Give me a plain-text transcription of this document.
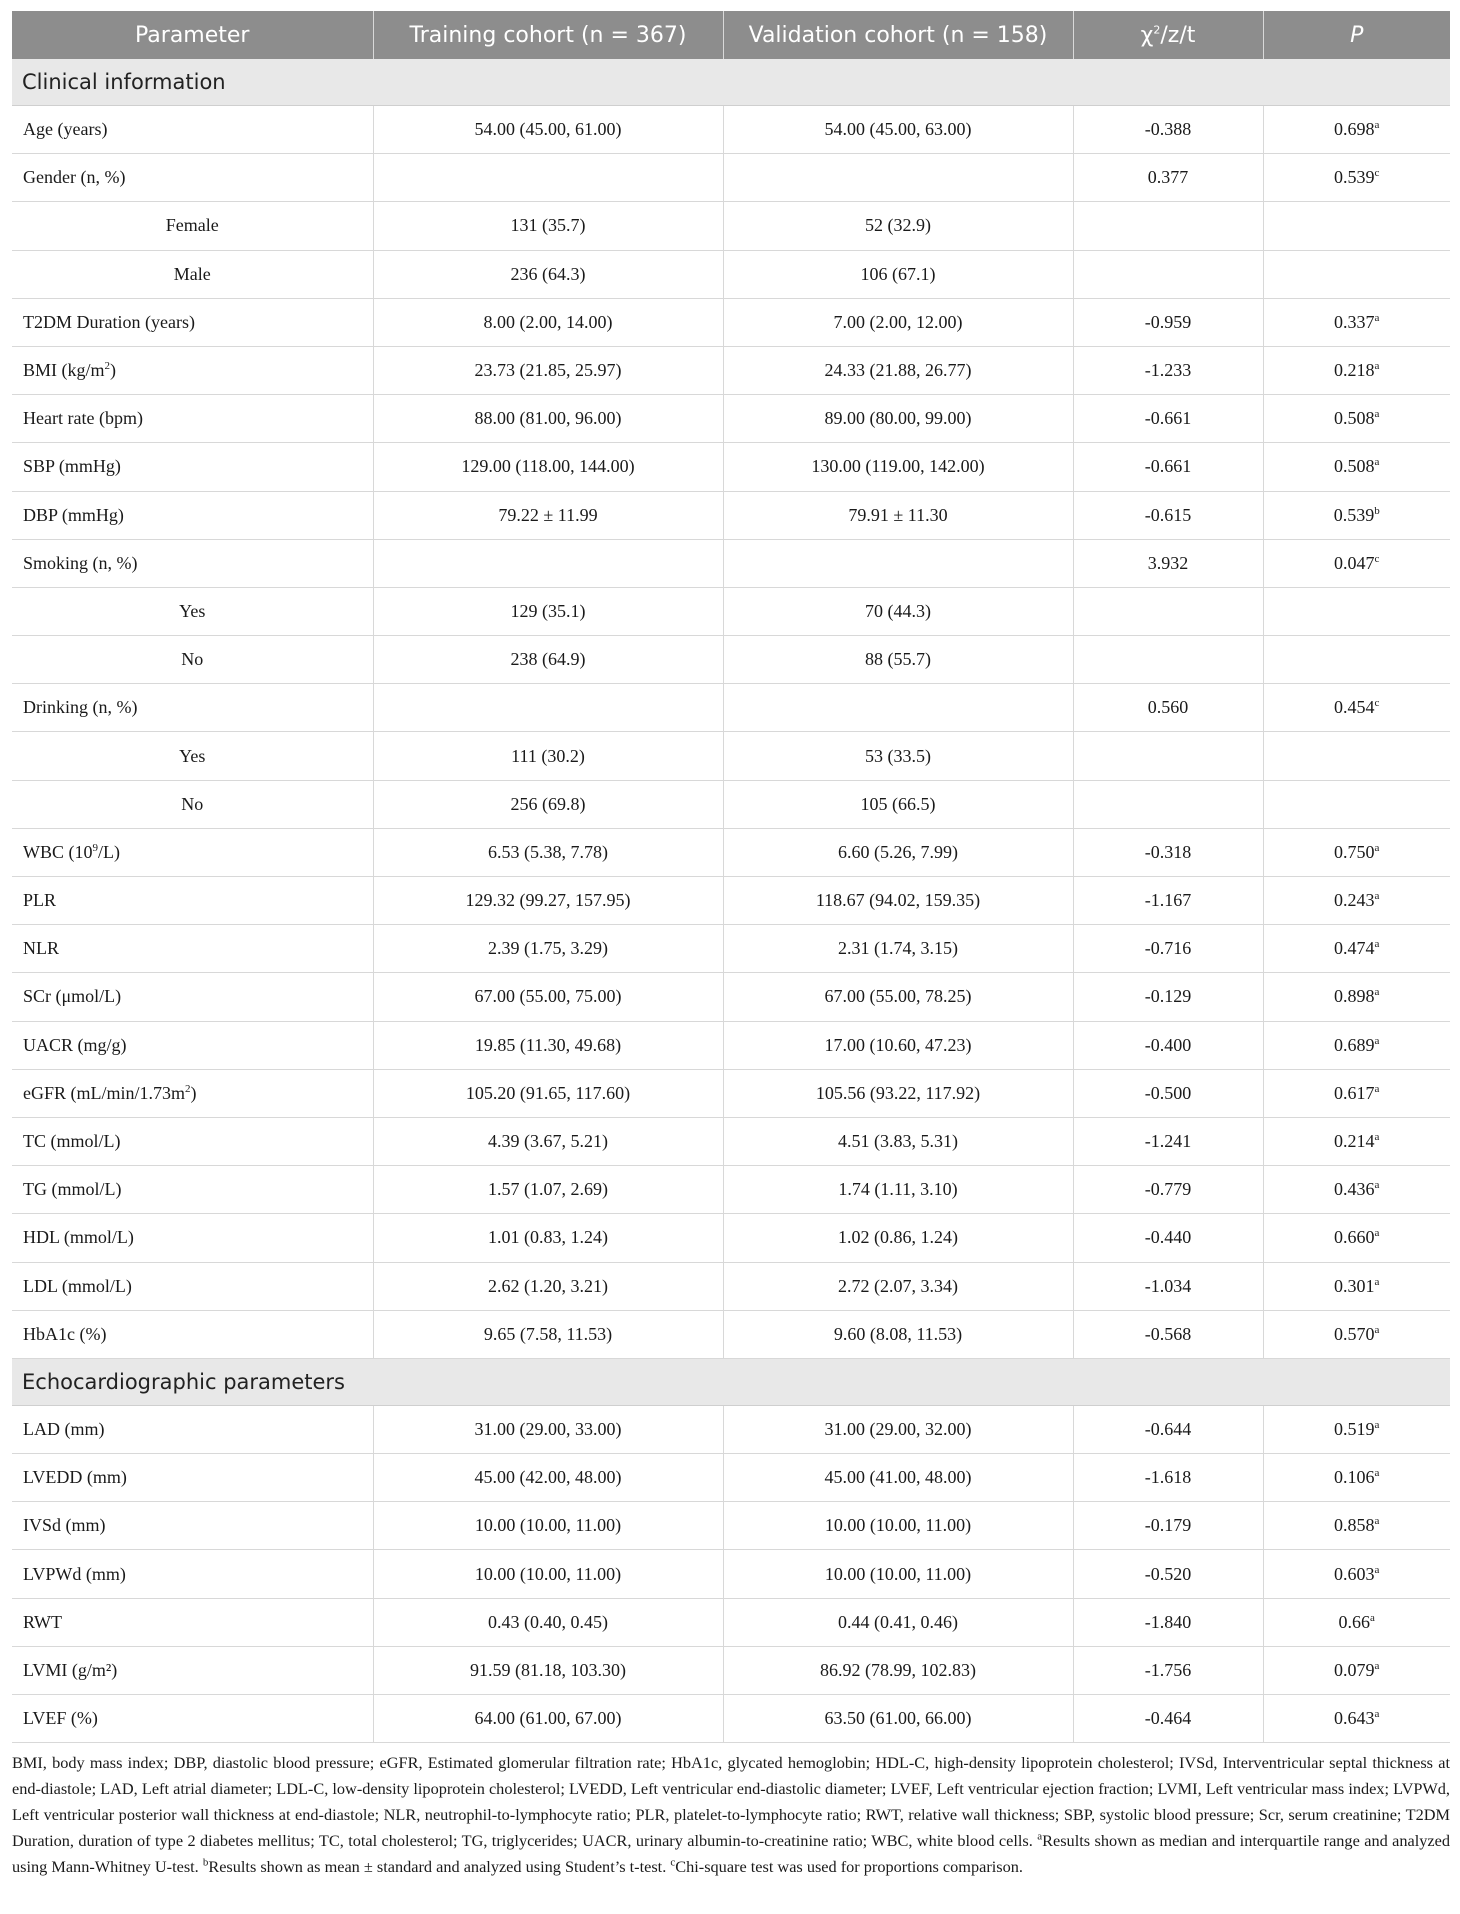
Parameter	Training cohort (n = 367)	Validation cohort (n = 158)	$\chi^2/z/t$	P
Clinical information				
Age (years)	54.00 (45.00, 61.00)	54.00 (45.00, 63.00)	-0.388	0.698$^a$
Gender (n, %)			0.377	0.539$^c$
Female	131 (35.7)	52 (32.9)		
Male	236 (64.3)	106 (67.1)		
T2DM Duration (years)	8.00 (2.00, 14.00)	7.00 (2.00, 12.00)	-0.959	0.337$^a$
BMI $(kg/m^2)$	23.73 (21.85, 25.97)	24.33 (21.88, 26.77)	-1.233	0.218$^a$
Heart rate (bpm)	88.00 (81.00, 96.00)	89.00 (80.00, 99.00)	-0.661	0.508$^a$
SBP (mmHg)	129.00 (118.00, 144.00)	130.00 (119.00, 142.00)	-0.661	0.508$^a$
DBP (mmHg)	79.22 ± 11.99	79.91 ± 11.30	-0.615	0.539$^b$
Smoking (n, %)			3.932	0.047$^c$
Yes	129 (35.1)	70 (44.3)		
No	238 (64.9)	88 (55.7)		
Drinking (n, %)			0.560	0.454$^c$
Yes	111 (30.2)	53 (33.5)		
No	256 (69.8)	105 (66.5)		
WBC $(10^9/L)$	6.53 (5.38, 7.78)	6.60 (5.26, 7.99)	-0.318	0.750$^a$
PLR	129.32 (99.27, 157.95)	118.67 (94.02, 159.35)	-1.167	0.243$^a$
NLR	2.39 (1.75, 3.29)	2.31 (1.74, 3.15)	-0.716	0.474$^a$
SCr (μmol/L)	67.00 (55.00, 75.00)	67.00 (55.00, 78.25)	-0.129	0.898$^a$
UACR (mg/g)	19.85 (11.30, 49.68)	17.00 (10.60, 47.23)	-0.400	0.689$^a$
eGFR $(mL/\min/1.73m^2)$	105.20 (91.65, 117.60)	105.56 (93.22, 117.92)	-0.500	0.617$^a$
TC (mmol/L)	4.39 (3.67, 5.21)	4.51 (3.83, 5.31)	-1.241	0.214$^a$
TG (mmol/L)	1.57 (1.07, 2.69)	1.74 (1.11, 3.10)	-0.779	0.436$^a$
HDL (mmol/L)	1.01 (0.83, 1.24)	1.02 (0.86, 1.24)	-0.440	0.660$^a$
LDL (mmol/L)	2.62 (1.20, 3.21)	2.72 (2.07, 3.34)	-1.034	0.301$^a$
HbA1c (%)	9.65 (7.58, 11.53)	9.60 (8.08, 11.53)	-0.568	0.570$^a$
Echocardiographic parameters				
LAD (mm)	31.00 (29.00, 33.00)	31.00 (29.00, 32.00)	-0.644	0.519$^a$
LVEDD (mm)	45.00 (42.00, 48.00)	45.00 (41.00, 48.00)	-1.618	0.106$^a$
IVSd (mm)	10.00 (10.00, 11.00)	10.00 (10.00, 11.00)	-0.179	0.858$^a$
LVPWd (mm)	10.00 (10.00, 11.00)	10.00 (10.00, 11.00)	-0.520	0.603$^a$
RWT	0.43 (0.40, 0.45)	0.44 (0.41, 0.46)	-1.840	0.66$^a$
LVMI (g/m²)	91.59 (81.18, 103.30)	86.92 (78.99, 102.83)	-1.756	0.079$^a$
LVEF (%)	64.00 (61.00, 67.00)	63.50 (61.00, 66.00)	-0.464	0.643$^a$
BMI, body mass index; DBP, diastolic blood pressure; eGFR, Estimated glomerular filtration rate; HbA1c, glycated hemoglobin; HDL-C, high-density lipoprotein cholesterol; IVSd, Interventricular septal thickness at end-diastole; LAD, Left atrial diameter; LDL-C, low-density lipoprotein cholesterol; LVEDD, Left ventricular end-diastolic diameter; LVEF, Left ventricular ejection fraction; LVMI, Left ventricular mass index; LVPWd, Left ventricular posterior wall thickness at end-diastole; NLR, neutrophil-to-lymphocyte ratio; PLR, platelet-to-lymphocyte ratio; RWT, relative wall thickness; SBP, systolic blood pressure; Scr, serum creatinine; T2DM Duration, duration of type 2 diabetes mellitus; TC, total cholesterol; TG, triglycerides; UACR, urinary albumin-to-creatinine ratio; WBC, white blood cells. $^a$Results shown as median and interquartile range and analyzed using Mann-Whitney U-test. $^b$Results shown as mean ± standard and analyzed using Student’s t-test. $^c$Chi-square test was used for proportions comparison.
